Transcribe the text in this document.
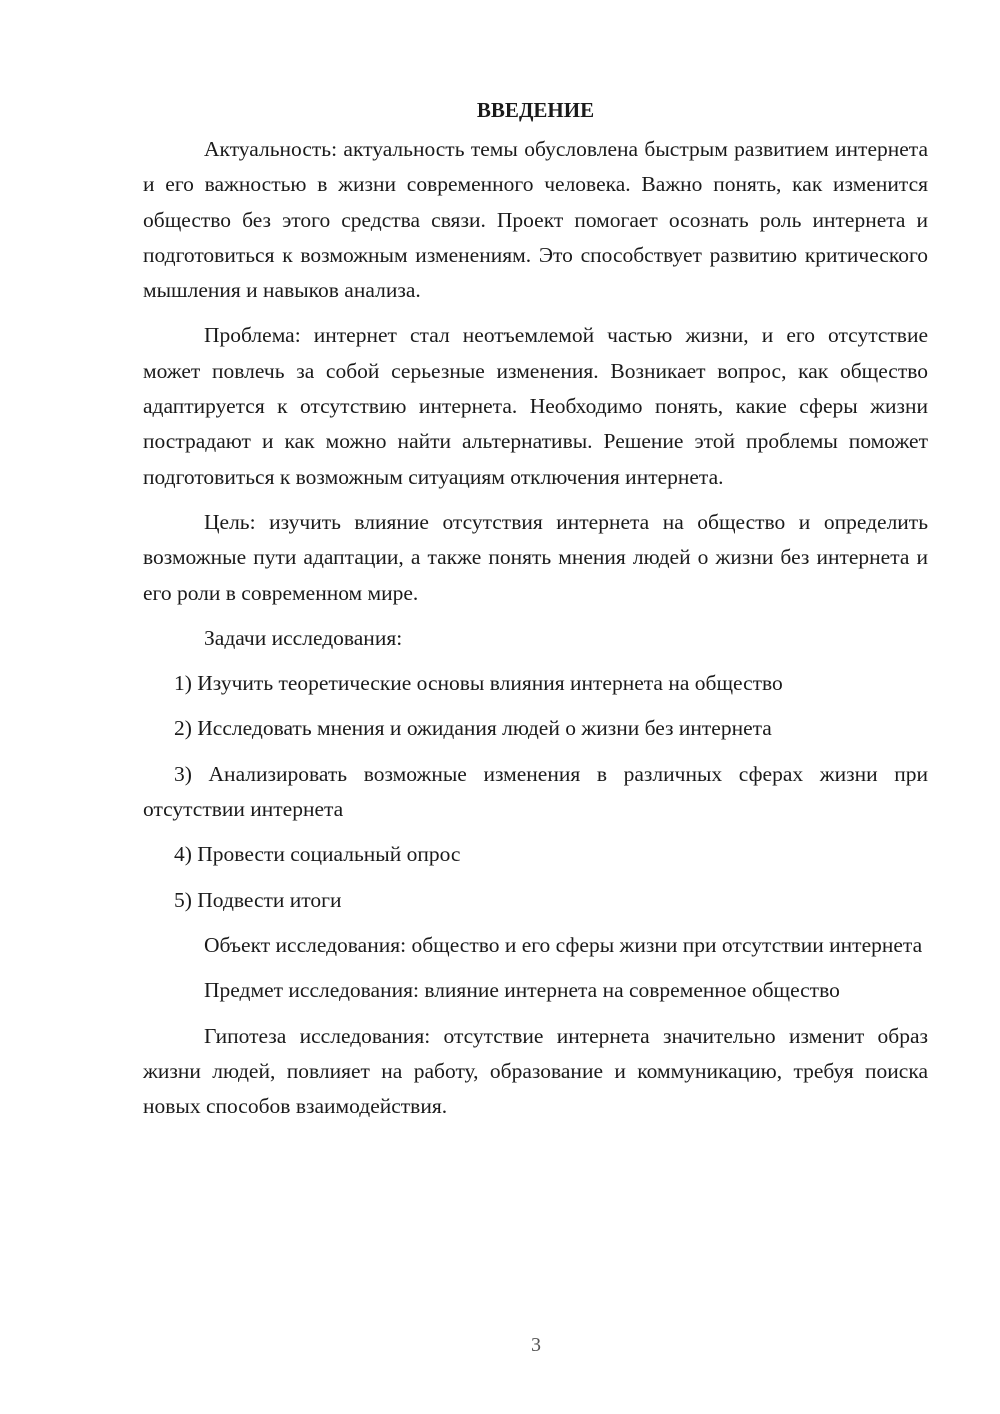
ВВЕДЕНИЕ

Актуальность: актуальность темы обусловлена быстрым развитием интернета и его важностью в жизни современного человека. Важно понять, как изменится общество без этого средства связи. Проект помогает осознать роль интернета и подготовиться к возможным изменениям. Это способствует развитию критического мышления и навыков анализа.

Проблема: интернет стал неотъемлемой частью жизни, и его отсутствие может повлечь за собой серьезные изменения. Возникает вопрос, как общество адаптируется к отсутствию интернета. Необходимо понять, какие сферы жизни пострадают и как можно найти альтернативы. Решение этой проблемы поможет подготовиться к возможным ситуациям отключения интернета.

Цель: изучить влияние отсутствия интернета на общество и определить возможные пути адаптации, а также понять мнения людей о жизни без интернета и его роли в современном мире.

Задачи исследования:

1) Изучить теоретические основы влияния интернета на общество

2) Исследовать мнения и ожидания людей о жизни без интернета

3) Анализировать возможные изменения в различных сферах жизни при отсутствии интернета

4) Провести социальный опрос

5) Подвести итоги

Объект исследования: общество и его сферы жизни при отсутствии интернета

Предмет исследования: влияние интернета на современное общество

Гипотеза исследования: отсутствие интернета значительно изменит образ жизни людей, повлияет на работу, образование и коммуникацию, требуя поиска новых способов взаимодействия.

3
